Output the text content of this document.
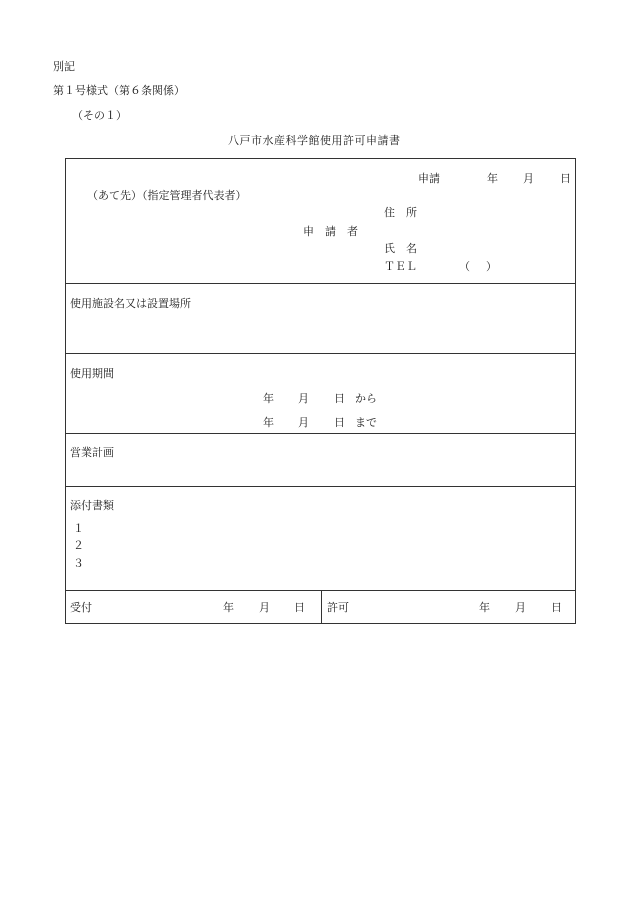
別記
第１号様式（第６条関係）
（その１）
八戸市水産科学館使用許可申請書
申請	年 月 日
（あて先）（指定管理者代表者）
住　所
申　請　者
氏　名
ＴＥＬ	（ ）
使用施設名又は設置場所
使用期間
年 月 日 から
年 月 日 まで
営業計画
添付書類
１
２
３
受付	年 月 日 許可	年 月 日
